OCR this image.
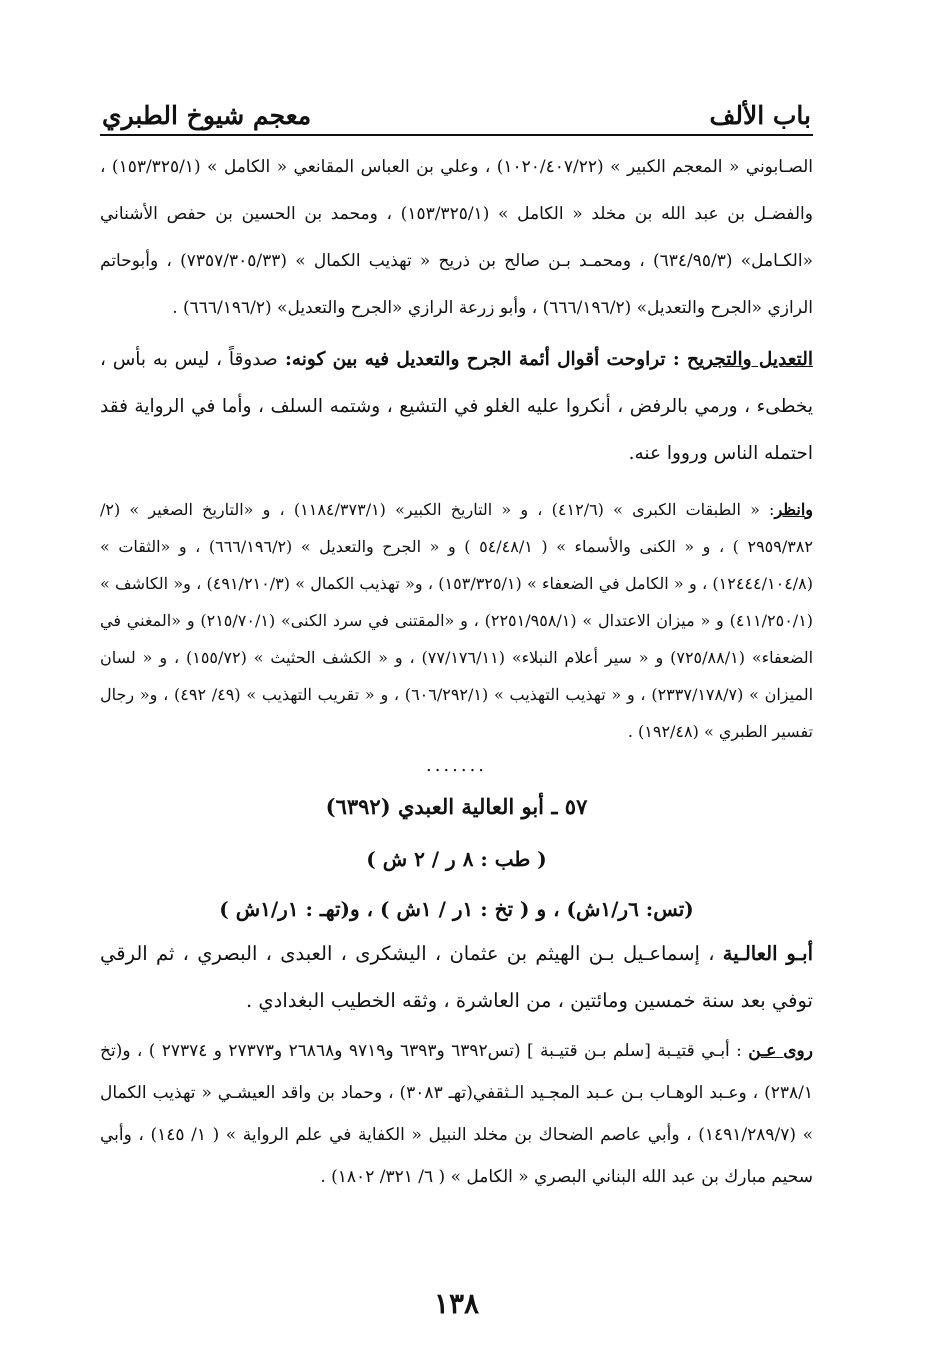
باب الألف
معجم شيوخ الطبري

الصـابوني « المعجم الكبير » (١٠٢٠/٤٠٧/٢٢) ، وعلي بن العباس المقانعي « الكامل » (١٥٣/٣٢٥/١) ، والفضـل بن عبد الله بن مخلد « الكامل » (١٥٣/٣٢٥/١) ، ومحمد بن الحسين بن حفص الأشناني «الكـامل» (٦٣٤/٩٥/٣) ، ومحمـد بـن صالح بن ذريح « تهذيب الكمال » (٧٣٥٧/٣٠٥/٣٣) ، وأبوحاتم الرازي «الجرح والتعديل» (٦٦٦/١٩٦/٢) ، وأبو زرعة الرازي «الجرح والتعديل» (٦٦٦/١٩٦/٢) .

التعديل والتجريح : تراوحت أقوال أئمة الجرح والتعديل فيه بين كونه: صدوقاً ، ليس به بأس ، يخطىء ، ورمي بالرفض ، أنكروا عليه الغلو في التشيع ، وشتمه السلف ، وأما في الرواية فقد احتمله الناس ورووا عنه.

وانظر: « الطبقات الكبرى » (٤١٢/٦) ، و « التاريخ الكبير» (١١٨٤/٣٧٣/١) ، و «التاريخ الصغير » (٢/ ٢٩٥٩/٣٨٢ ) ، و « الكنى والأسماء » ( ٥٤/٤٨/١ ) و « الجرح والتعديل » (٦٦٦/١٩٦/٢) ، و «الثقات » (١٢٤٤٤/١٠٤/٨) ، و « الكامل في الضعفاء » (١٥٣/٣٢٥/١) ، و« تهذيب الكمال » (٤٩١/٢١٠/٣) ، و« الكاشف » (٤١١/٢٥٠/١) و « ميزان الاعتدال » (٢٢٥١/٩٥٨/١) ، و «المقتنى في سرد الكنى» (٢١٥/٧٠/١) و «المغني في الضعفاء» (٧٢٥/٨٨/١) و « سير أعلام النبلاء» (٧٧/١٧٦/١١) ، و « الكشف الحثيث » (١٥٥/٧٢) ، و « لسان الميزان » (٢٣٣٧/١٧٨/٧) ، و « تهذيب التهذيب » (٦٠٦/٢٩٢/١) ، و « تقريب التهذيب » (٤٩/ ٤٩٢) ، و« رجال تفسير الطبري » (١٩٢/٤٨) .

.......
٥٧ ـ أبو العالية العبدي (٦٣٩٢)
( طب : ٨ ر / ٢ ش )
(تس: ٦ر/١ش) ، و ( تخ : ١ر / ١ش ) ، و(تهـ : ١ر/١ش )

أبـو العالـية ، إسماعـيل بـن الهيثم بن عثمان ، اليشكرى ، العبدى ، البصري ، ثم الرقي توفي بعد سنة خمسين ومائتين ، من العاشرة ، وثقه الخطيب البغدادي .

روى عـن : أبـي قتيـبة [سلم بـن قتيـبة ] (تس٦٣٩٢ و٦٣٩٣ و٩٧١٩ و٢٦٨٦٨ و٢٧٣٧٣ و ٢٧٣٧٤ ) ، و(تخ ٢٣٨/١) ، وعـبد الوهـاب بـن عـبد المجـيد الـثقفي(تهـ ٣٠٨٣) ، وحماد بن واقد العيشـي « تهذيب الكمال » (١٤٩١/٢٨٩/٧) ، وأبي عاصم الضحاك بن مخلد النبيل « الكفاية في علم الرواية » ( ١/ ١٤٥) ، وأبي سحيم مبارك بن عبد الله البناني البصري « الكامل » ( ٦/ ٣٢١/ ١٨٠٢) .

١٣٨
